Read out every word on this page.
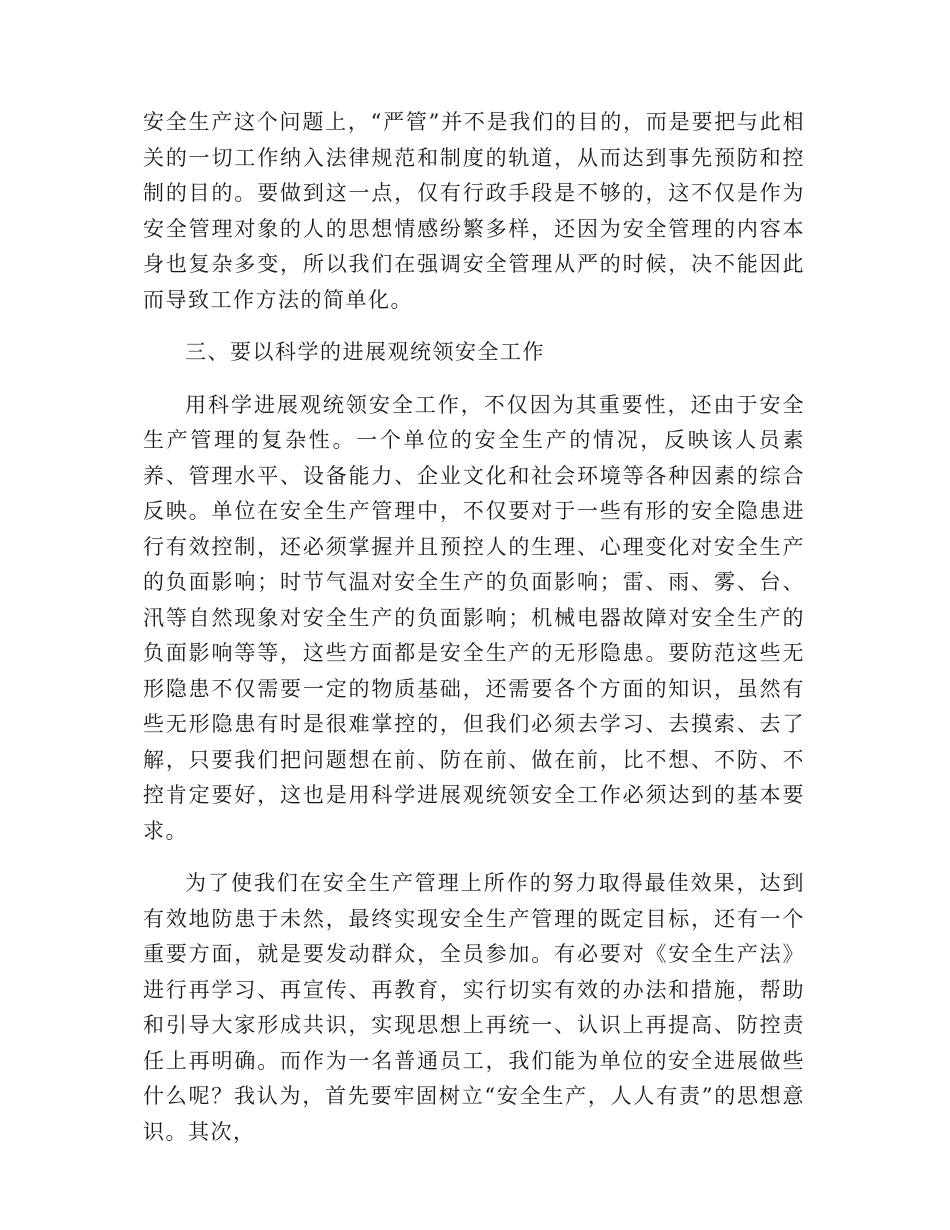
安全生产这个问题上，“严管”并不是我们的目的，而是要把与此相关的一切工作纳入法律规范和制度的轨道，从而达到事先预防和控制的目的。要做到这一点，仅有行政手段是不够的，这不仅是作为安全管理对象的人的思想情感纷繁多样，还因为安全管理的内容本身也复杂多变，所以我们在强调安全管理从严的时候，决不能因此而导致工作方法的简单化。

三、要以科学的进展观统领安全工作

用科学进展观统领安全工作，不仅因为其重要性，还由于安全生产管理的复杂性。一个单位的安全生产的情况，反映该人员素养、管理水平、设备能力、企业文化和社会环境等各种因素的综合反映。单位在安全生产管理中，不仅要对于一些有形的安全隐患进行有效控制，还必须掌握并且预控人的生理、心理变化对安全生产的负面影响；时节气温对安全生产的负面影响；雷、雨、雾、台、汛等自然现象对安全生产的负面影响；机械电器故障对安全生产的负面影响等等，这些方面都是安全生产的无形隐患。要防范这些无形隐患不仅需要一定的物质基础，还需要各个方面的知识，虽然有些无形隐患有时是很难掌控的，但我们必须去学习、去摸索、去了解，只要我们把问题想在前、防在前、做在前，比不想、不防、不控肯定要好，这也是用科学进展观统领安全工作必须达到的基本要求。

为了使我们在安全生产管理上所作的努力取得最佳效果，达到有效地防患于未然，最终实现安全生产管理的既定目标，还有一个重要方面，就是要发动群众，全员参加。有必要对《安全生产法》进行再学习、再宣传、再教育，实行切实有效的办法和措施，帮助和引导大家形成共识，实现思想上再统一、认识上再提高、防控责任上再明确。而作为一名普通员工，我们能为单位的安全进展做些什么呢？我认为，首先要牢固树立“安全生产，人人有责”的思想意识。其次，
